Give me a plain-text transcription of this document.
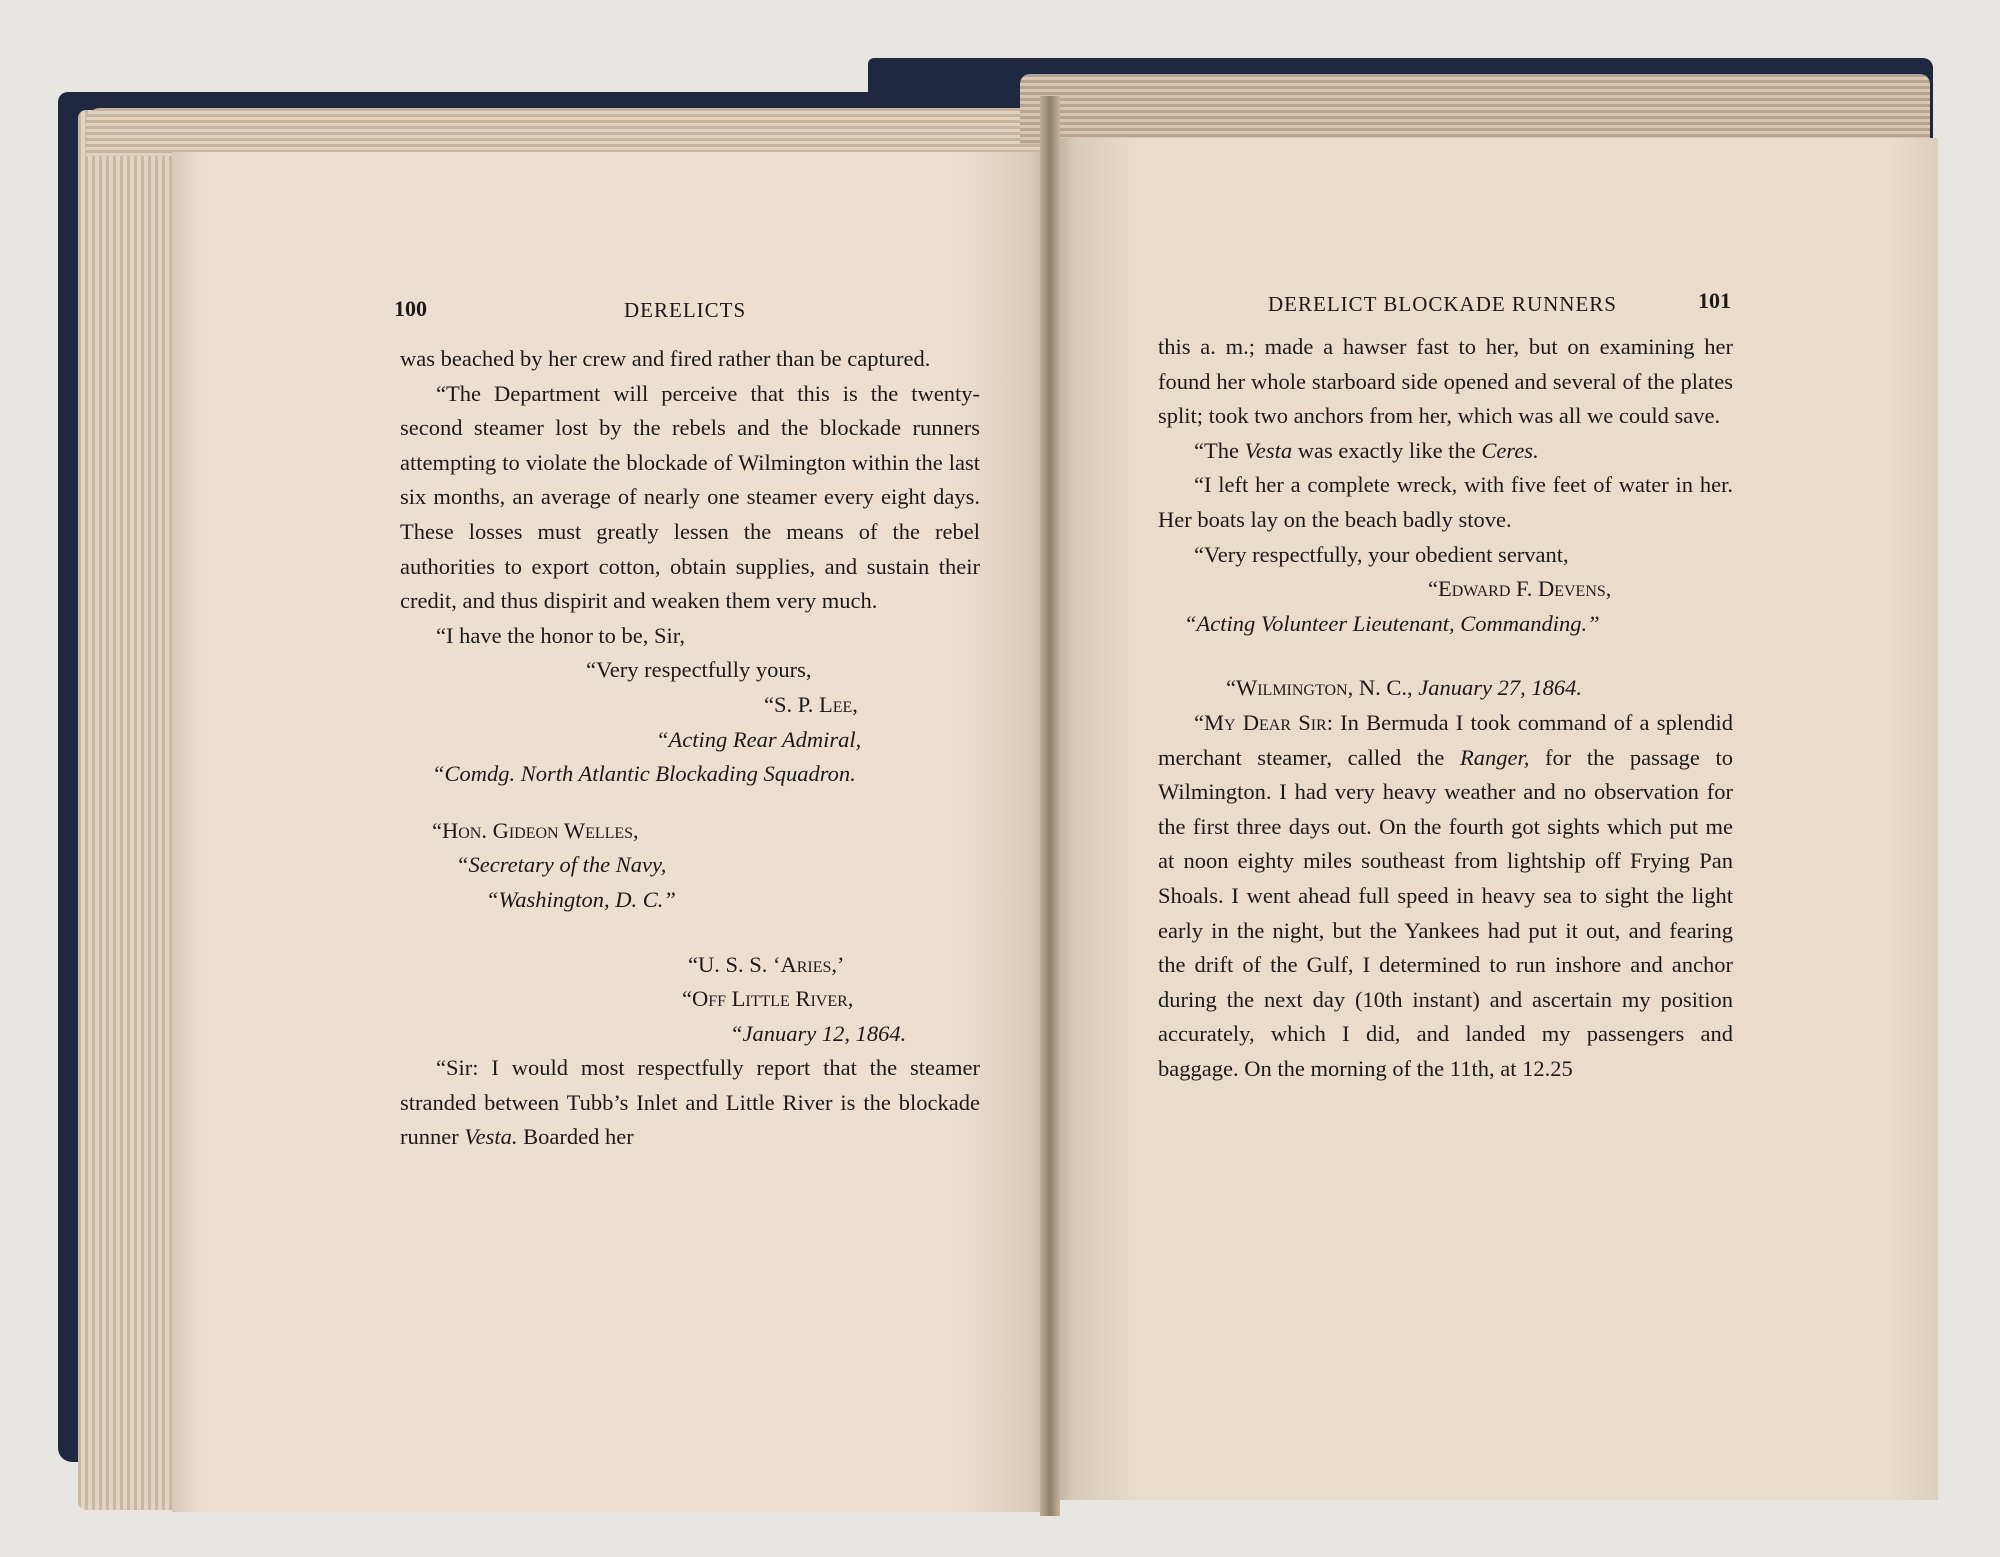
100	DERELICTS

was beached by her crew and fired rather than be captured.

“The Department will perceive that this is the twenty-second steamer lost by the rebels and the blockade runners attempting to violate the blockade of Wilmington within the last six months, an average of nearly one steamer every eight days. These losses must greatly lessen the means of the rebel authorities to export cotton, obtain supplies, and sustain their credit, and thus dispirit and weaken them very much.

“I have the honor to be, Sir,

“Very respectfully yours,

“S. P. Lee,

“Acting Rear Admiral,

“Comdg. North Atlantic Blockading Squadron.

“Hon. Gideon Welles,

“Secretary of the Navy,

“Washington, D. C.”

“U. S. S. ‘Aries,’

“Off Little River,

“January 12, 1864.

“Sir: I would most respectfully report that the steamer stranded between Tubb’s Inlet and Little River is the blockade runner Vesta. Boarded her

DERELICT BLOCKADE RUNNERS	101

this a. m.; made a hawser fast to her, but on examining her found her whole starboard side opened and several of the plates split; took two anchors from her, which was all we could save.

“The Vesta was exactly like the Ceres.

“I left her a complete wreck, with five feet of water in her. Her boats lay on the beach badly stove.

“Very respectfully, your obedient servant,

“Edward F. Devens,

“Acting Volunteer Lieutenant, Commanding.”

“Wilmington, N. C., January 27, 1864.

“My Dear Sir: In Bermuda I took command of a splendid merchant steamer, called the Ranger, for the passage to Wilmington. I had very heavy weather and no observation for the first three days out. On the fourth got sights which put me at noon eighty miles southeast from lightship off Frying Pan Shoals. I went ahead full speed in heavy sea to sight the light early in the night, but the Yankees had put it out, and fearing the drift of the Gulf, I determined to run inshore and anchor during the next day (10th instant) and ascertain my position accurately, which I did, and landed my passengers and baggage. On the morning of the 11th, at 12.25
